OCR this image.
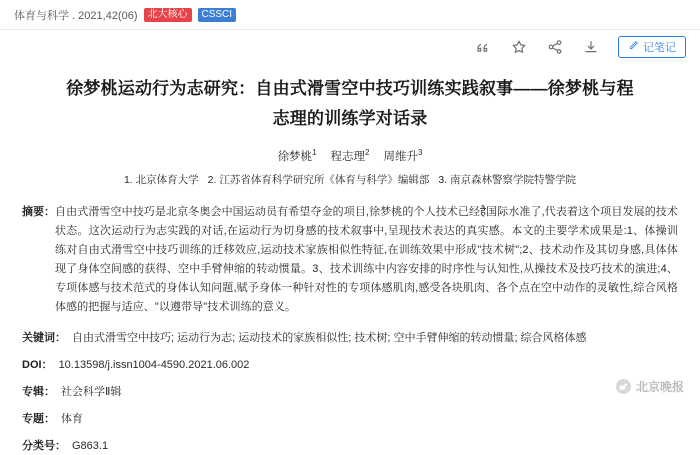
体育与科学 . 2021,42(06)	北大核心	CSSCI
记笔记
徐梦桃运动行为志研究：自由式滑雪空中技巧训练实践叙事——徐梦桃与程志理的训练学对话录
徐梦桃$^1$ 程志理$^2$ 周维升$^3$
1. 北京体育大学 2. 江苏省体育科学研究所《体育与科学》编辑部 3. 南京森林警察学院特警学院
摘要： 自由式滑雪空中技巧是北京冬奥会中国运动员有希望夺金的项目,徐梦桃的个人技术已经है国际水准了,代表着这个项目发展的技术状态。这次运动行为志实践的对话,在运动行为切身感的技术叙事中,呈现技术表达的真实感。本文的主要学术成果是:1、体操训练对自由式滑雪空中技巧训练的迁移效应,运动技术家族相似性特征,在训练效果中形成"技术树";2、技术动作及其切身感,具体体现了身体空间感的获得、空中手臂伸缩的转动惯量。3、技术训练中内容安排的时序性与认知性,从操技术及技巧技术的演进;4、专项体感与技术范式的身体认知问题,赋予身体一种针对性的专项体感肌肉,感受各块肌肉、各个点在空中动作的灵敏性,综合风格体感的把握与适应、"以遵带导"技术训练的意义。
关键词： 自由式滑雪空中技巧; 运动行为志; 运动技术的家族相似性; 技术树; 空中手臂伸缩的转动惯量; 综合风格体感
DOI： 10.13598/j.issn1004-4590.2021.06.002
专辑： 社会科学Ⅱ辑
专题： 体育
分类号： G863.1
北京晚报
